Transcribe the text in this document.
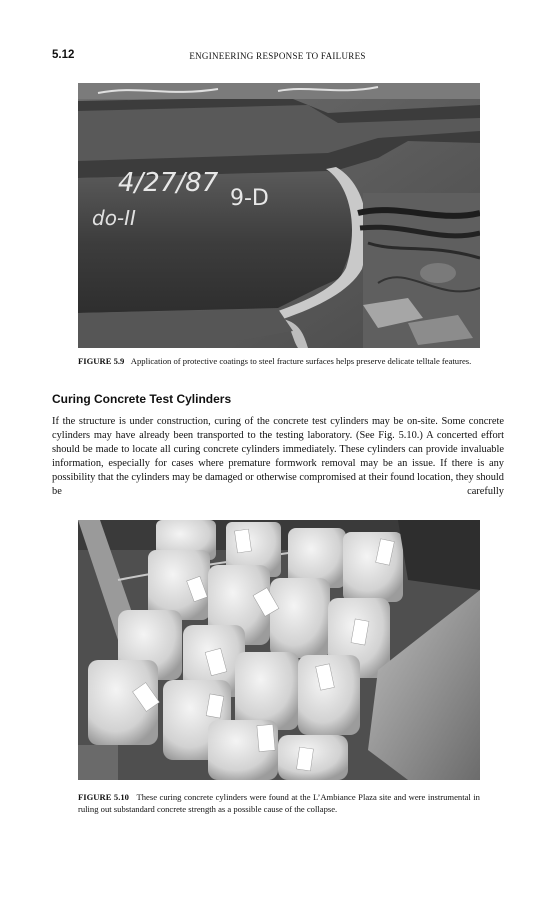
5.12	ENGINEERING RESPONSE TO FAILURES
4/27/87
9-D
do-II
FIGURE 5.9 Application of protective coatings to steel fracture surfaces helps preserve delicate telltale features.
Curing Concrete Test Cylinders

If the structure is under construction, curing of the concrete test cylinders may be on-site. Some concrete cylinders may have already been transported to the testing laboratory. (See Fig. 5.10.) A concerted effort should be made to locate all curing concrete cylinders immediately. These cylinders can provide invaluable information, especially for cases where premature formwork removal may be an issue. If there is any possibility that the cylinders may be damaged or otherwise compromised at their found location, they should be carefully

FIGURE 5.10 These curing concrete cylinders were found at the L’Ambiance Plaza site and were instrumental in ruling out substandard concrete strength as a possible cause of the collapse.
